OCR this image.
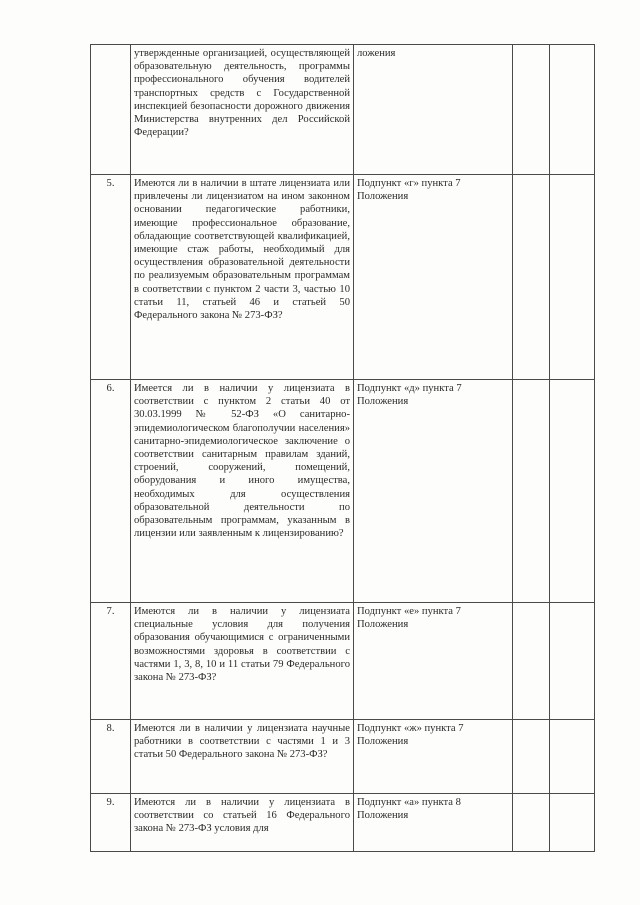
	утвержденные организацией, осуществляющей образовательную деятельность, программы профессионального обучения водителей транспортных средств с Государственной инспекцией безопасности дорожного движения Министерства внутренних дел Российской Федерации?	ложения		
5.	Имеются ли в наличии в штате лицензиата или привлечены ли лицензиатом на ином законном основании педагогические работники, имеющие профессиональное образование, обладающие соответствующей квалификацией, имеющие стаж работы, необходимый для осуществления образовательной деятельности по реализуемым образовательным программам в соответствии с пунктом 2 части 3, частью 10 статьи 11, статьей 46 и статьей 50 Федерального закона № 273-ФЗ?	Подпункт «г» пункта 7 Положения		
6.	Имеется ли в наличии у лицензиата в соответствии с пунктом 2 статьи 40 от 30.03.1999 № 52-ФЗ «О санитарно-эпидемиологическом благополучии населения» санитарно-эпидемиологическое заключение о соответствии санитарным правилам зданий, строений, сооружений, помещений, оборудования и иного имущества, необходимых для осуществления образовательной деятельности по образовательным программам, указанным в лицензии или заявленным к лицензированию?	Подпункт «д» пункта 7 Положения		
7.	Имеются ли в наличии у лицензиата специальные условия для получения образования обучающимися с ограниченными возможностями здоровья в соответствии с частями 1, 3, 8, 10 и 11 статьи 79 Федерального закона № 273-ФЗ?	Подпункт «е» пункта 7 Положения		
8.	Имеются ли в наличии у лицензиата научные работники в соответствии с частями 1 и 3 статьи 50 Федерального закона № 273-ФЗ?	Подпункт «ж» пункта 7 Положения		
9.	Имеются ли в наличии у лицензиата в соответствии со статьей 16 Федерального закона № 273-ФЗ условия для	Подпункт «а» пункта 8 Положения		
